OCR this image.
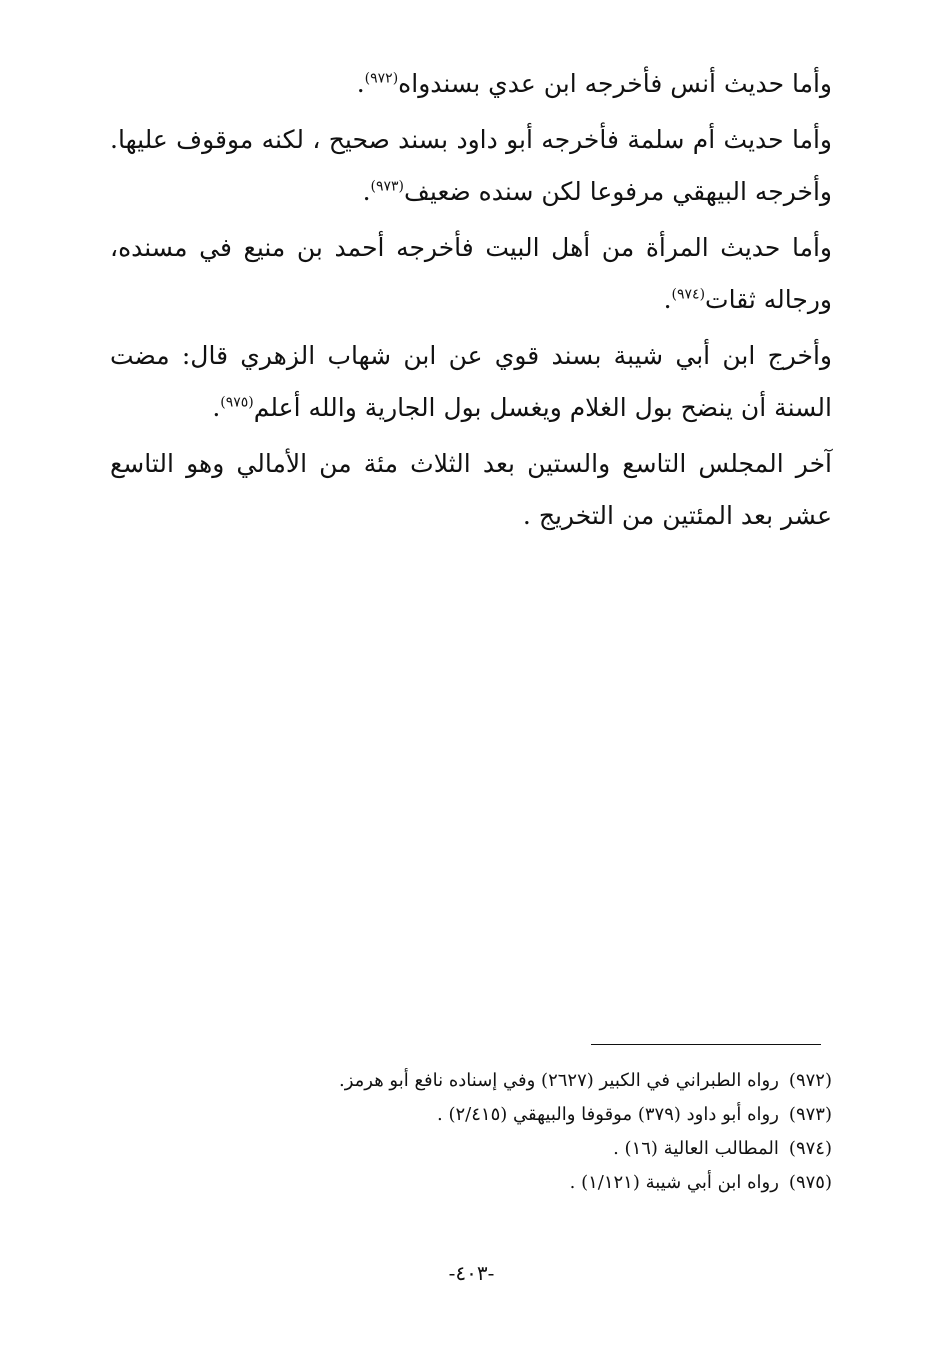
وأما حديث أنس فأخرجه ابن عدي بسندواه$^{(٩٧٢)}$.

وأما حديث أم سلمة فأخرجه أبو داود بسند صحيح ، لكنه موقوف عليها. وأخرجه البيهقي مرفوعا لكن سنده ضعيف$^{(٩٧٣)}$.

وأما حديث المرأة من أهل البيت فأخرجه أحمد بن منيع في مسنده، ورجاله ثقات$^{(٩٧٤)}$.

وأخرج ابن أبي شيبة بسند قوي عن ابن شهاب الزهري قال: مضت السنة أن ينضح بول الغلام ويغسل بول الجارية والله أعلم$^{(٩٧٥)}$.

آخر المجلس التاسع والستين بعد الثلاث مئة من الأمالي وهو التاسع عشر بعد المئتين من التخريج .

(٩٧٢)رواه الطبراني في الكبير (٢٦٢٧) وفي إسناده نافع أبو هرمز.
(٩٧٣)رواه أبو داود (٣٧٩) موقوفا والبيهقي (٢/٤١٥) .
(٩٧٤)المطالب العالية (١٦) .
(٩٧٥)رواه ابن أبي شيبة (١/١٢١) .
-٤٠٣-
